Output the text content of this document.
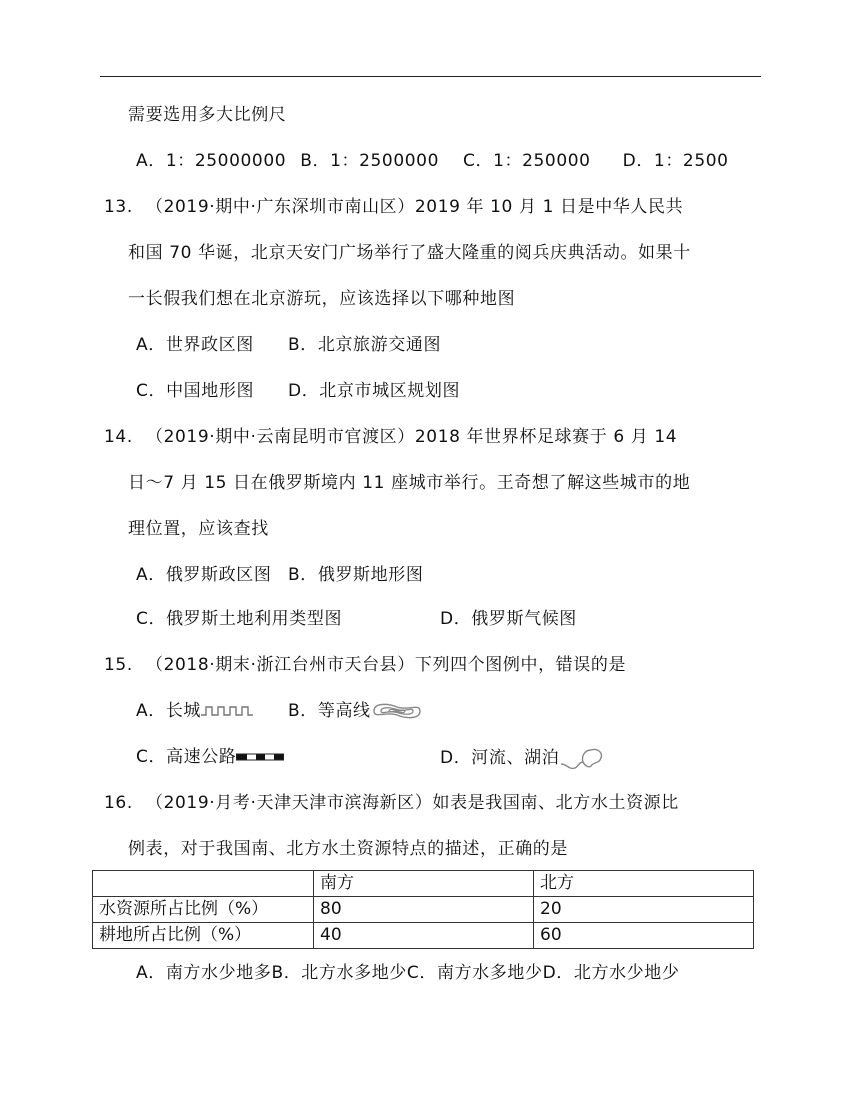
需要选用多大比例尺
A．1：25000000 B．1：2500000 C．1：250000 D．1：2500
13. （2019·期中·广东深圳市南山区）2019 年 10 月 1 日是中华人民共
和国 70 华诞，北京天安门广场举行了盛大隆重的阅兵庆典活动。如果十
一长假我们想在北京游玩，应该选择以下哪种地图
A．世界政区图 B．北京旅游交通图
C．中国地形图 D．北京市城区规划图
14. （2019·期中·云南昆明市官渡区）2018 年世界杯足球赛于 6 月 14
日～7 月 15 日在俄罗斯境内 11 座城市举行。王奇想了解这些城市的地
理位置，应该查找
A．俄罗斯政区图 B．俄罗斯地形图
C．俄罗斯土地利用类型图	D．俄罗斯气候图
15. （2018·期末·浙江台州市天台县）下列四个图例中，错误的是
A．长城	B．等高线
C．高速公路	D．河流、湖泊
16. （2019·月考·天津天津市滨海新区）如表是我国南、北方水土资源比
例表，对于我国南、北方水土资源特点的描述，正确的是
	南方	北方
水资源所占比例（%）	80	20
耕地所占比例（%）	40	60
A．南方水少地多B．北方水多地少C．南方水多地少D．北方水少地少
